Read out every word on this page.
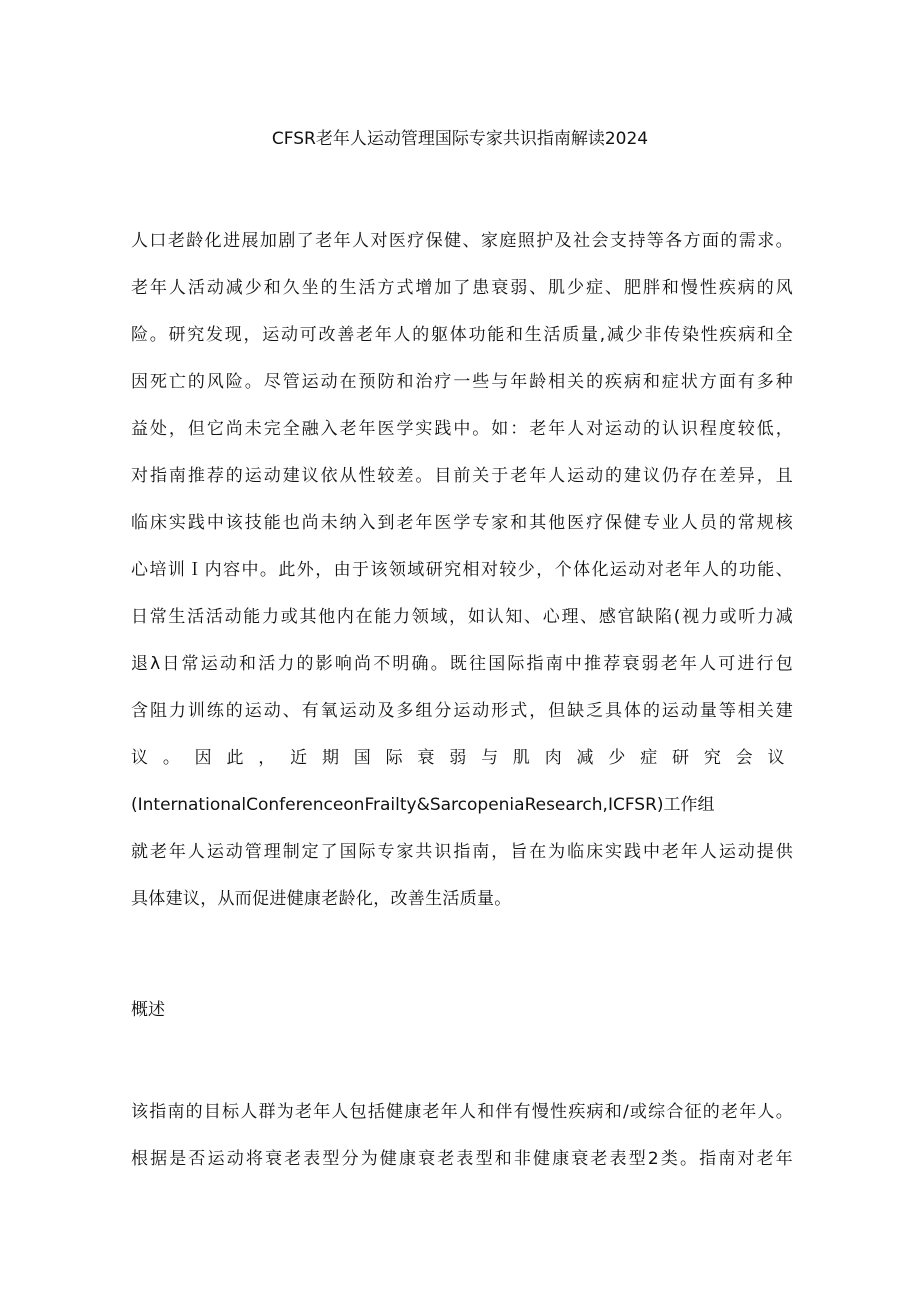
CFSR老年人运动管理国际专家共识指南解读2024
人口老龄化进展加剧了老年人对医疗保健、家庭照护及社会支持等各方面的需求。
老年人活动减少和久坐的生活方式增加了患衰弱、肌少症、肥胖和慢性疾病的风
险。研究发现，运动可改善老年人的躯体功能和生活质量,减少非传染性疾病和全
因死亡的风险。尽管运动在预防和治疗一些与年龄相关的疾病和症状方面有多种
益处，但它尚未完全融入老年医学实践中。如：老年人对运动的认识程度较低，
对指南推荐的运动建议依从性较差。目前关于老年人运动的建议仍存在差异，且
临床实践中该技能也尚未纳入到老年医学专家和其他医疗保健专业人员的常规核
心培训Ｉ内容中。此外，由于该领域研究相对较少，个体化运动对老年人的功能、
日常生活活动能力或其他内在能力领域，如认知、心理、感官缺陷(视力或听力减
退λ日常运动和活力的影响尚不明确。既往国际指南中推荐衰弱老年人可进行包
含阻力训练的运动、有氧运动及多组分运动形式，但缺乏具体的运动量等相关建
议。因此，近期国际衰弱与肌肉减少症研究会议
(InternationalConferenceonFrailty&SarcopeniaResearch,ICFSR)工作组
就老年人运动管理制定了国际专家共识指南，旨在为临床实践中老年人运动提供
具体建议，从而促进健康老龄化，改善生活质量。
概述
该指南的目标人群为老年人包括健康老年人和伴有慢性疾病和/或综合征的老年人。
根据是否运动将衰老表型分为健康衰老表型和非健康衰老表型2类。指南对老年
